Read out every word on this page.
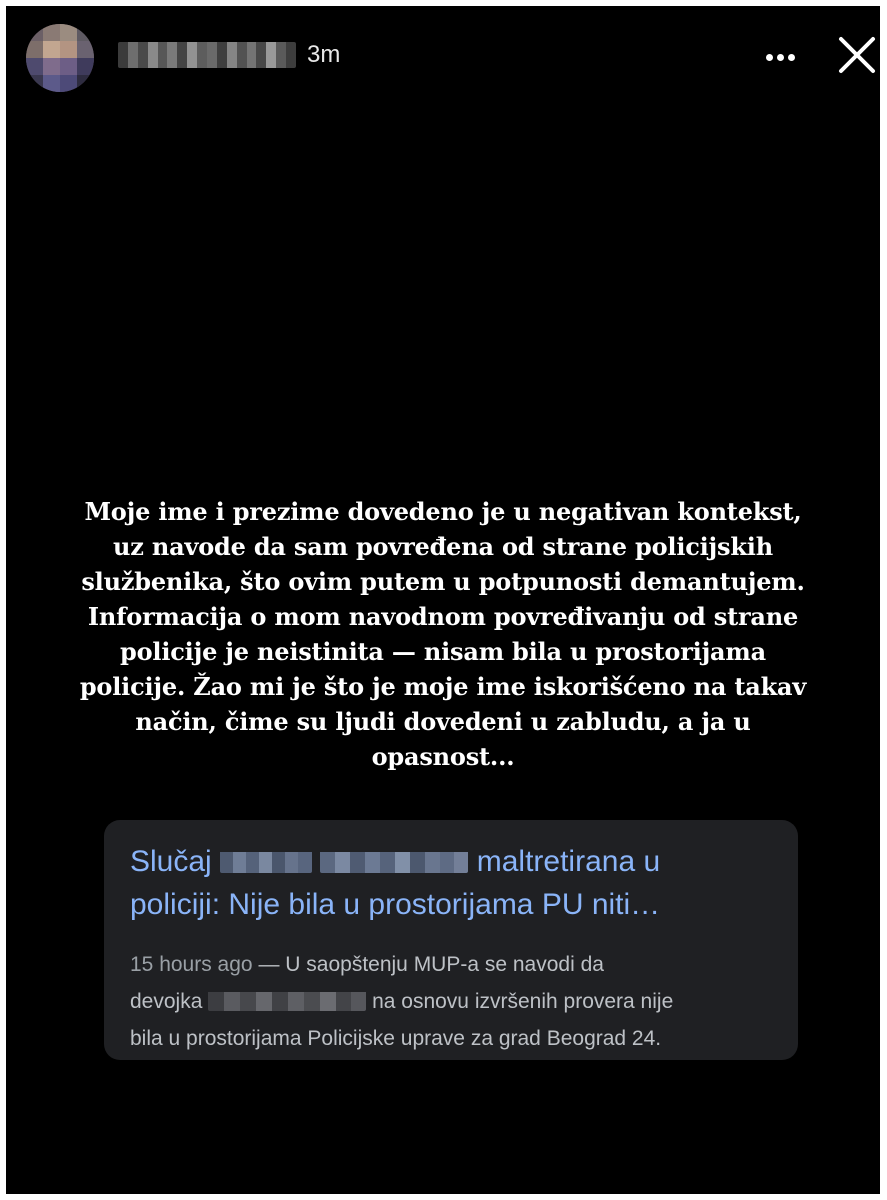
3m

Moje ime i prezime dovedeno je u negativan kontekst, uz navode da sam povređena od strane policijskih službenika, što ovim putem u potpunosti demantujem. Informacija o mom navodnom povređivanju od strane policije je neistinita — nisam bila u prostorijama policije. Žao mi je što je moje ime iskorišćeno na takav način, čime su ljudi dovedeni u zabludu, a ja u opasnost...

Slučaj	maltretirana u
policiji: Nije bila u prostorijama PU niti…
15 hours ago — U saopštenju MUP-a se navodi da
devojka	na osnovu izvršenih provera nije
bila u prostorijama Policijske uprave za grad Beograd 24.
